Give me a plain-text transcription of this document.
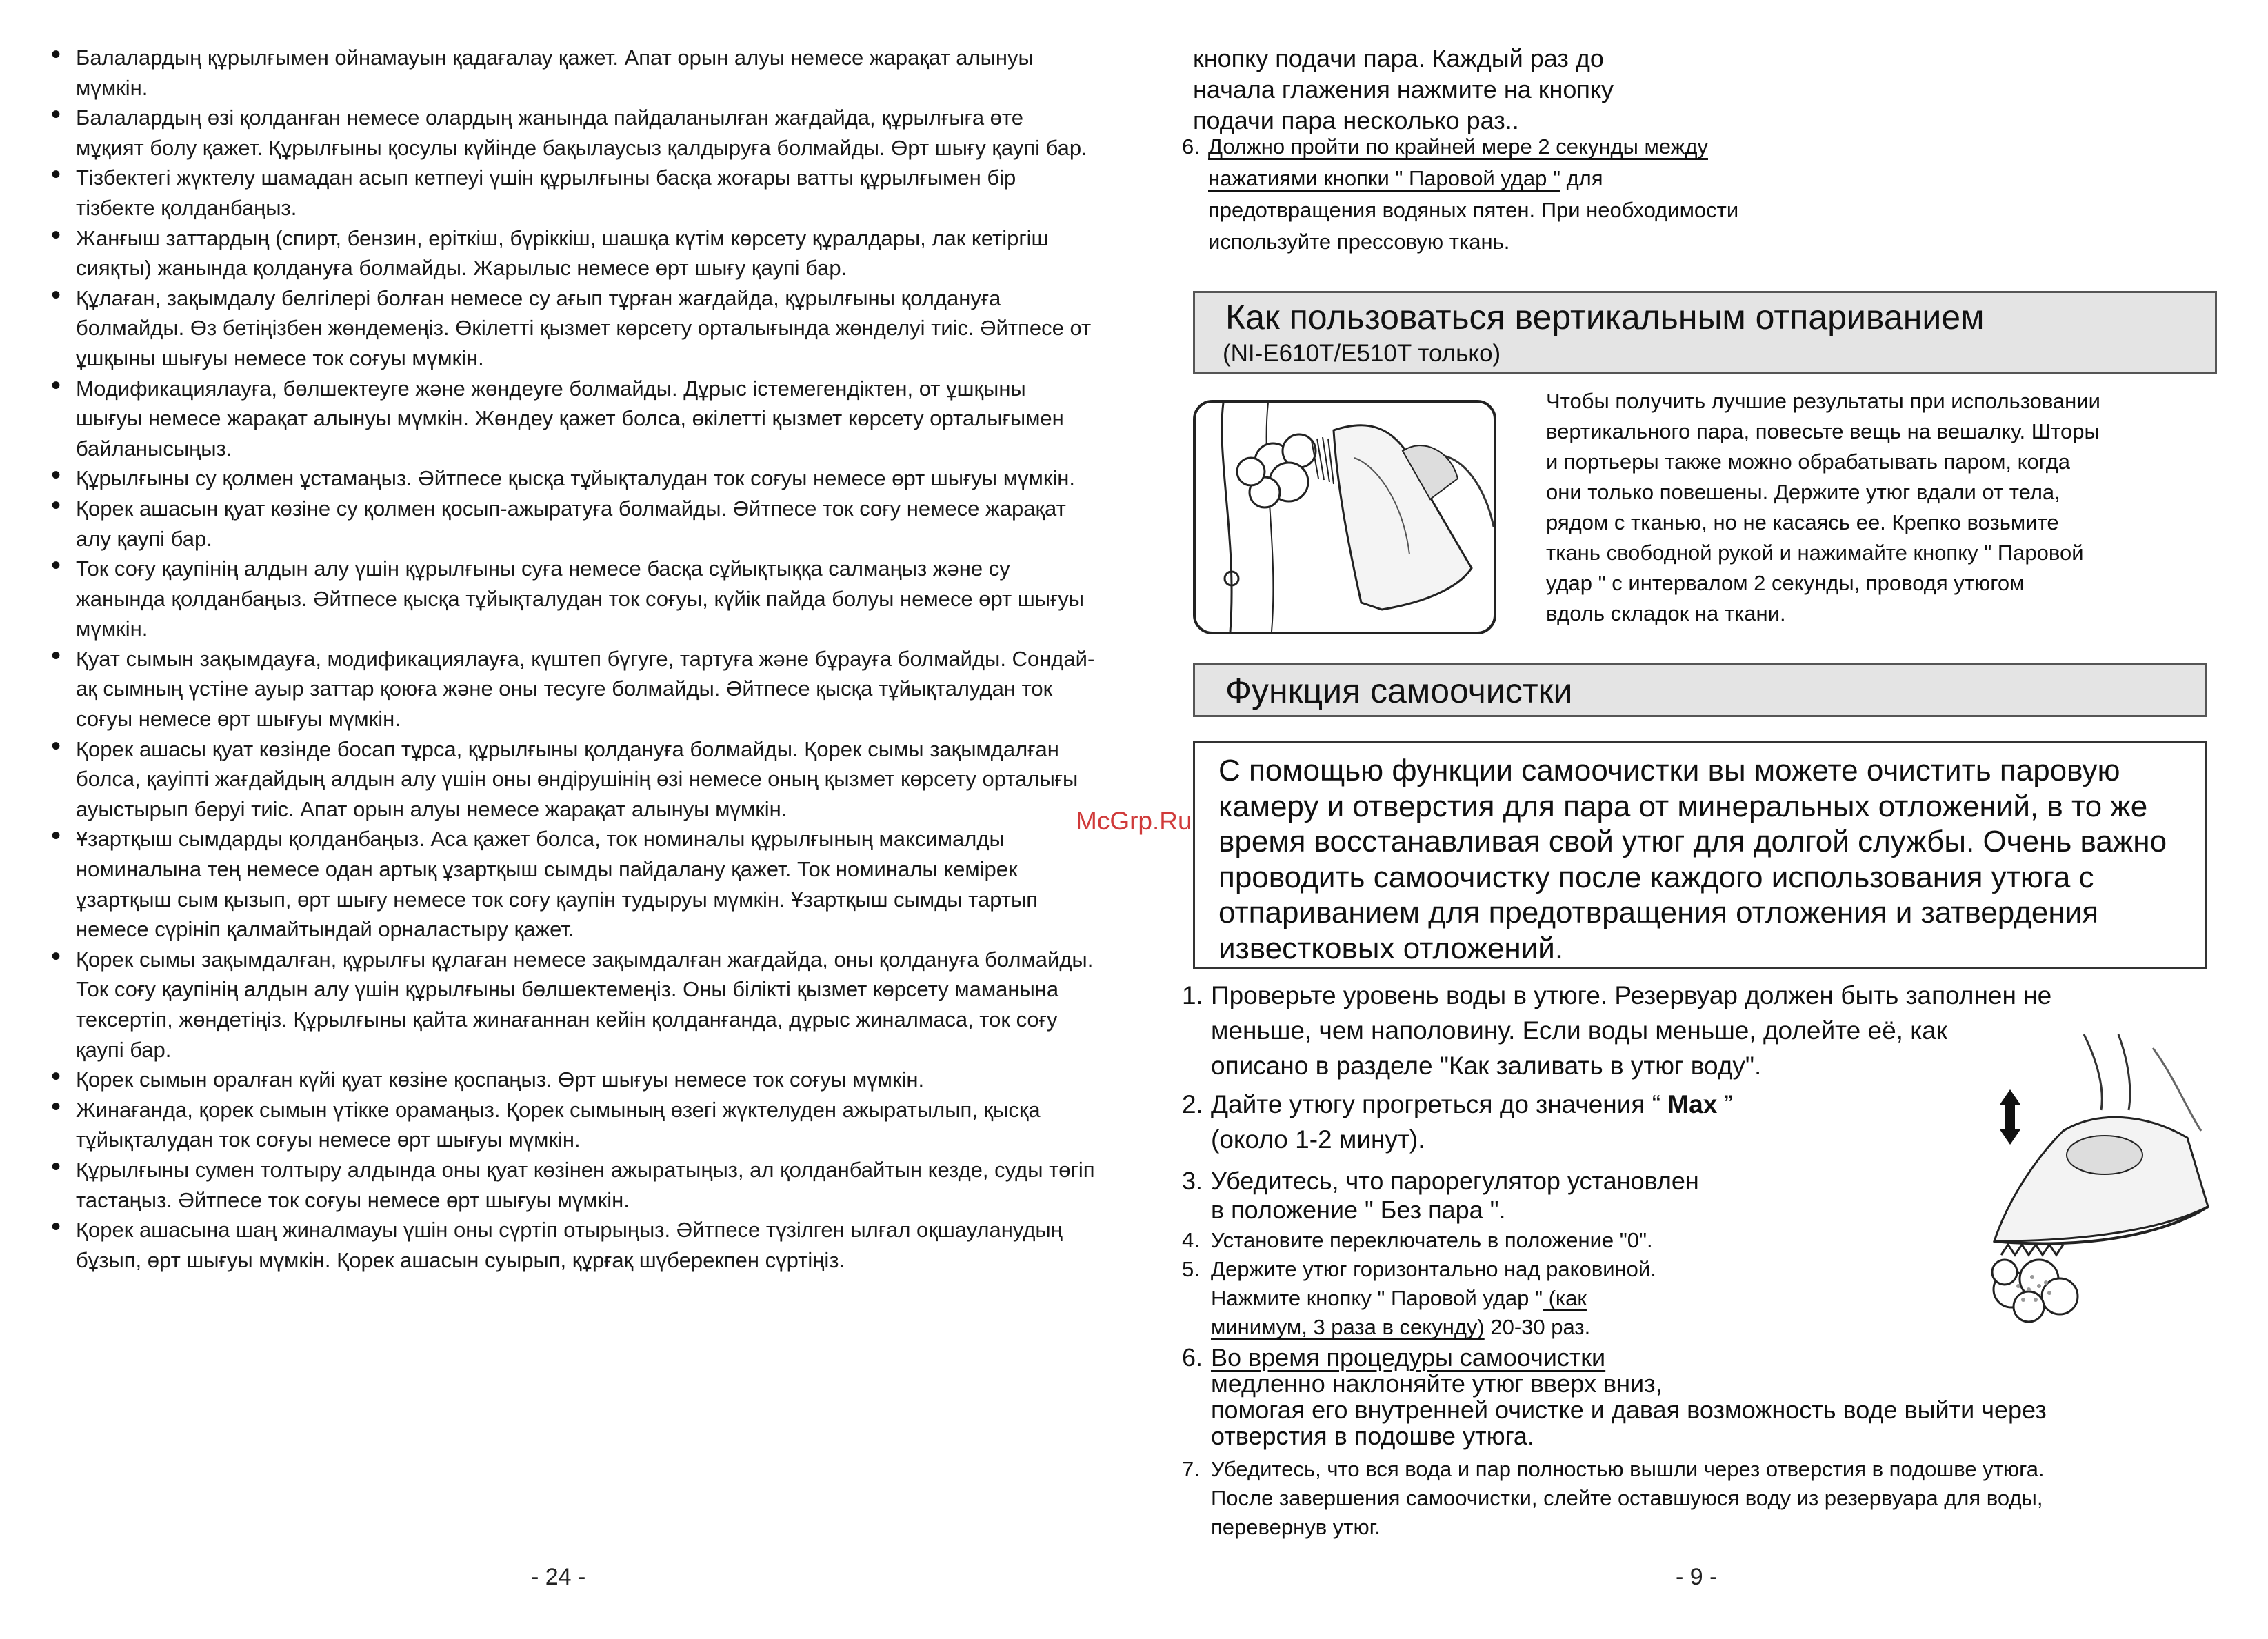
• Балалардың құрылғымен ойнамауын қадағалау қажет. Апат орын алуы немесе жарақат алынуы мүмкін.
• Балалардың өзі қолданған немесе олардың жанында пайдаланылған жағдайда, құрылғыға өте мұқият болу қажет. Құрылғыны қосулы күйінде бақылаусыз қалдыруға болмайды. Өрт шығу қаупі бар.
• Тізбектегі жүктелу шамадан асып кетпеуі үшін құрылғыны басқа жоғары ватты құрылғымен бір тізбекте қолданбаңыз.
• Жанғыш заттардың (спирт, бензин, еріткіш, бүріккіш, шашқа күтім көрсету құралдары, лак кетіргіш сияқты) жанында қолдануға болмайды. Жарылыс немесе өрт шығу қаупі бар.
• Құлаған, зақымдалу белгілері болған немесе су ағып тұрған жағдайда, құрылғыны қолдануға болмайды. Өз бетіңізбен жөндемеңіз. Өкілетті қызмет көрсету орталығында жөнделуі тиіс. Әйтпесе от ұшқыны шығуы немесе ток соғуы мүмкін.
• Модификациялауға, бөлшектеуге және жөндеуге болмайды. Дұрыс істемегендіктен, от ұшқыны шығуы немесе жарақат алынуы мүмкін. Жөндеу қажет болса, өкілетті қызмет көрсету орталығымен байланысыңыз.
• Құрылғыны су қолмен ұстамаңыз. Әйтпесе қысқа тұйықталудан ток соғуы немесе өрт шығуы мүмкін.
• Қорек ашасын қуат көзіне су қолмен қосып-ажыратуға болмайды. Әйтпесе ток соғу немесе жарақат алу қаупі бар.
• Ток соғу қаупінің алдын алу үшін құрылғыны суға немесе басқа сұйықтыққа салмаңыз және су жанында қолданбаңыз. Әйтпесе қысқа тұйықталудан ток соғуы, күйік пайда болуы немесе өрт шығуы мүмкін.
• Қуат сымын зақымдауға, модификациялауға, күштеп бүгуге, тартуға және бұрауға болмайды. Сондай-ақ сымның үстіне ауыр заттар қоюға және оны тесуге болмайды. Әйтпесе қысқа тұйықталудан ток соғуы немесе өрт шығуы мүмкін.
• Қорек ашасы қуат көзінде босап тұрса, құрылғыны қолдануға болмайды. Қорек сымы зақымдалған болса, қауіпті жағдайдың алдын алу үшін оны өндірушінің өзі немесе оның қызмет көрсету орталығы ауыстырып беруі тиіс. Апат орын алуы немесе жарақат алынуы мүмкін.
• Ұзартқыш сымдарды қолданбаңыз. Аса қажет болса, ток номиналы құрылғының максималды номиналына тең немесе одан артық ұзартқыш сымды пайдалану қажет. Ток номиналы кемірек ұзартқыш сым қызып, өрт шығу немесе ток соғу қаупін тудыруы мүмкін. Ұзартқыш сымды тартып немесе сүрініп қалмайтындай орналастыру қажет.
• Қорек сымы зақымдалған, құрылғы құлаған немесе зақымдалған жағдайда, оны қолдануға болмайды. Ток соғу қаупінің алдын алу үшін құрылғыны бөлшектемеңіз. Оны білікті қызмет көрсету маманына тексертіп, жөндетіңіз. Құрылғыны қайта жинағаннан кейін қолданғанда, дұрыс жиналмаса, ток соғу қаупі бар.
• Қорек сымын оралған күйі қуат көзіне қоспаңыз. Өрт шығуы немесе ток соғуы мүмкін.
• Жинағанда, қорек сымын үтікке орамаңыз. Қорек сымының өзегі жүктелуден ажыратылып, қысқа тұйықталудан ток соғуы немесе өрт шығуы мүмкін.
• Құрылғыны сумен толтыру алдында оны қуат көзінен ажыратыңыз, ал қолданбайтын кезде, суды төгіп тастаңыз. Әйтпесе ток соғуы немесе өрт шығуы мүмкін.
• Қорек ашасына шаң жиналмауы үшін оны сүртіп отырыңыз. Әйтпесе түзілген ылғал оқшауланудың бұзып, өрт шығуы мүмкін. Қорек ашасын суырып, құрғақ шүберекпен сүртіңіз.
- 24 -
кнопку подачи пара. Каждый раз до
начала глажения нажмите на кнопку
подачи пара несколько раз..
6. Должно пройти по крайней мере 2 секунды между
нажатиями кнопки " Паровой удар " для
предотвращения водяных пятен. При необходимости
используйте прессовую ткань.
Как пользоваться вертикальным отпариванием
(NI-E610T/E510T только)
Чтобы получить лучшие результаты при использовании
вертикального пара, повесьте вещь на вешалку. Шторы
и портьеры также можно обрабатывать паром, когда
они только повешены. Держите утюг вдали от тела,
рядом с тканью, но не касаясь ее. Крепко возьмите
ткань свободной рукой и нажимайте кнопку " Паровой
удар " с интервалом 2 секунды, проводя утюгом
вдоль складок на ткани.
Функция самоочистки
С помощью функции самоочистки вы можете очистить паровую
камеру и отверстия для пара от минеральных отложений, в то же
время восстанавливая свой утюг для долгой службы. Очень важно
проводить самоочистку после каждого использования утюга с
отпариванием для предотвращения отложения и затвердения
известковых отложений.
1. Проверьте уровень воды в утюге. Резервуар должен быть заполнен не
меньше, чем наполовину. Если воды меньше, долейте её, как
описано в разделе "Как заливать в утюг воду".
2. Дайте утюгу прогреться до значения “ Max ”
(около 1-2 минут).
3. Убедитесь, что парорегулятор установлен
в положение " Без пара ".
4. Установите переключатель в положение "0".
5. Держите утюг горизонтально над раковиной.
Нажмите кнопку " Паровой удар " (как
минимум, 3 раза в секунду) 20-30 раз.
6. Во время процедуры самоочистки
медленно наклоняйте утюг вверх вниз,
помогая его внутренней очистке и давая возможность воде выйти через
отверстия в подошве утюга.
7. Убедитесь, что вся вода и пар полностью вышли через отверстия в подошве утюга.
После завершения самоочистки, слейте оставшуюся воду из резервуара для воды,
перевернув утюг.
- 9 -
McGrp.Ru
